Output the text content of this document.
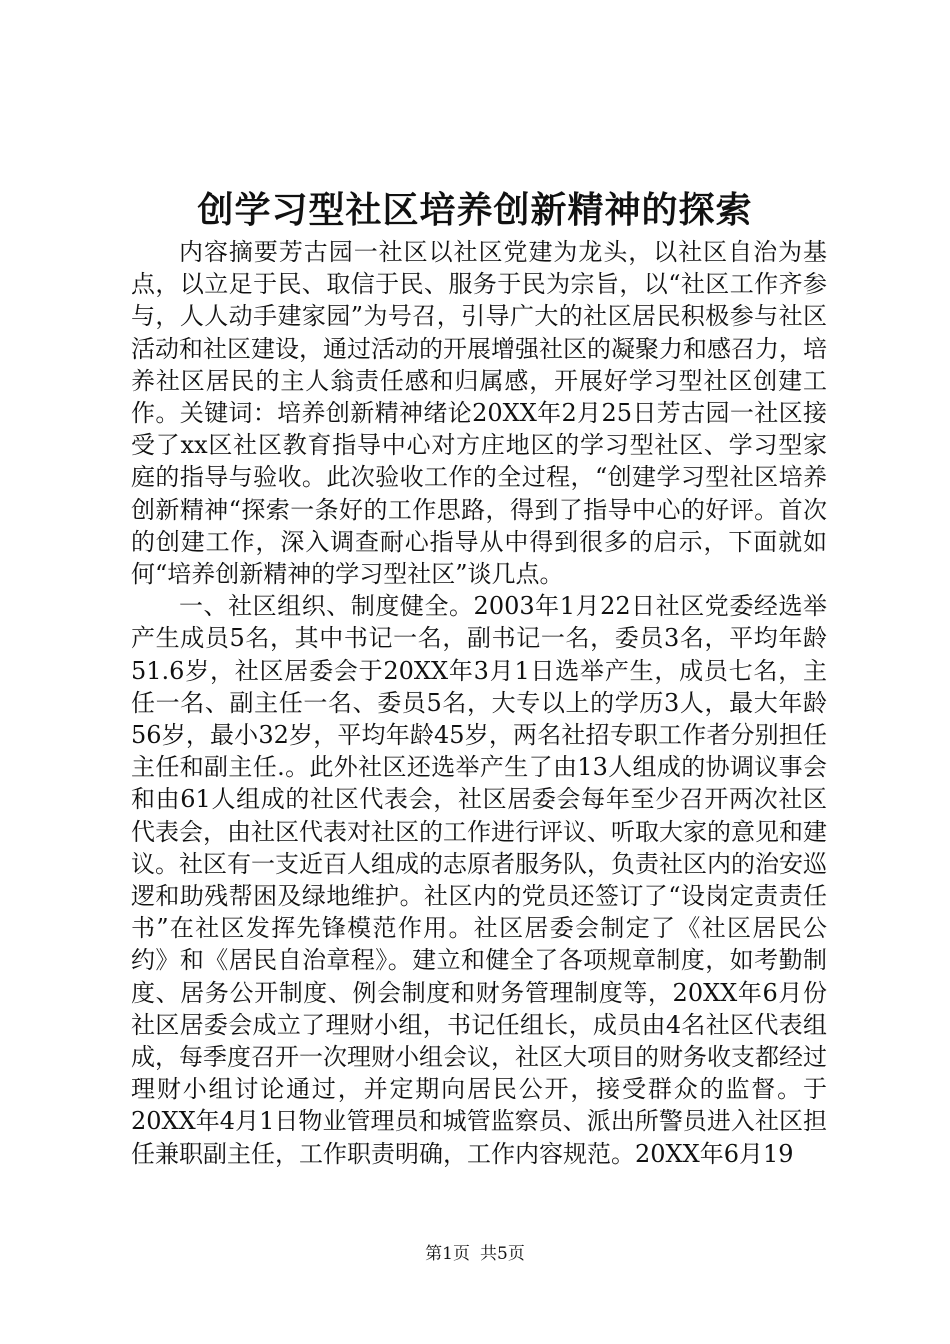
创学习型社区培养创新精神的探索

内容摘要芳古园一社区以社区党建为龙头，以社区自治为基点，以立足于民、取信于民、服务于民为宗旨，以“社区工作齐参与，人人动手建家园”为号召，引导广大的社区居民积极参与社区活动和社区建设，通过活动的开展增强社区的凝聚力和感召力，培养社区居民的主人翁责任感和归属感，开展好学习型社区创建工作。关键词：培养创新精神绪论20XX年2月25日芳古园一社区接受了xx区社区教育指导中心对方庄地区的学习型社区、学习型家庭的指导与验收。此次验收工作的全过程，“创建学习型社区培养创新精神“探索一条好的工作思路，得到了指导中心的好评。首次的创建工作，深入调查耐心指导从中得到很多的启示，下面就如何“培养创新精神的学习型社区”谈几点。

一、社区组织、制度健全。2003年1月22日社区党委经选举产生成员5名，其中书记一名，副书记一名，委员3名，平均年龄51.6岁，社区居委会于20XX年3月1日选举产生，成员七名，主任一名、副主任一名、委员5名，大专以上的学历3人，最大年龄56岁，最小32岁，平均年龄45岁，两名社招专职工作者分别担任主任和副主任.。此外社区还选举产生了由13人组成的协调议事会和由61人组成的社区代表会，社区居委会每年至少召开两次社区代表会，由社区代表对社区的工作进行评议、听取大家的意见和建议。社区有一支近百人组成的志原者服务队，负责社区内的治安巡逻和助残帮困及绿地维护。社区内的党员还签订了“设岗定责责任书”在社区发挥先锋模范作用。社区居委会制定了《社区居民公约》和《居民自治章程》。建立和健全了各项规章制度，如考勤制度、居务公开制度、例会制度和财务管理制度等，20XX年6月份社区居委会成立了理财小组，书记任组长，成员由4名社区代表组成，每季度召开一次理财小组会议，社区大项目的财务收支都经过理财小组讨论通过，并定期向居民公开，接受群众的监督。于20XX年4月1日物业管理员和城管监察员、派出所警员进入社区担任兼职副主任，工作职责明确，工作内容规范。20XX年6月19

第1页 共5页
